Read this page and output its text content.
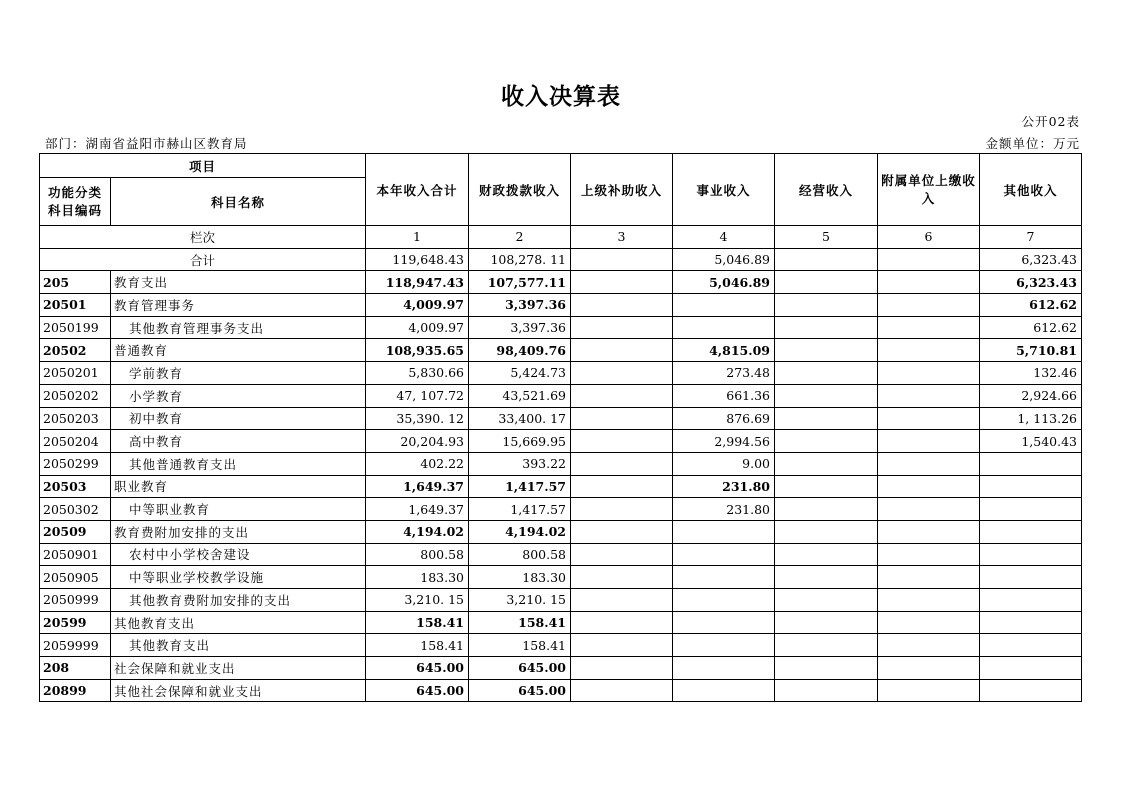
收入决算表
公开02表
部门：湖南省益阳市赫山区教育局	金额单位：万元
项目		本年收入合计	财政拨款收入	上级补助收入	事业收入	经营收入	附属单位上缴收入	其他收入
功能分类科目编码	科目名称							
栏次		1	2	3	4	5	6	7
合计		119,648.43	108,278. 11		5,046.89			6,323.43
205	教育支出	118,947.43	107,577.11		5,046.89			6,323.43
20501	教育管理事务	4,009.97	3,397.36					612.62
2050199	其他教育管理事务支出	4,009.97	3,397.36					612.62
20502	普通教育	108,935.65	98,409.76		4,815.09			5,710.81
2050201	学前教育	5,830.66	5,424.73		273.48			132.46
2050202	小学教育	47, 107.72	43,521.69		661.36			2,924.66
2050203	初中教育	35,390. 12	33,400. 17		876.69			1, 113.26
2050204	高中教育	20,204.93	15,669.95		2,994.56			1,540.43
2050299	其他普通教育支出	402.22	393.22		9.00			
20503	职业教育	1,649.37	1,417.57		231.80			
2050302	中等职业教育	1,649.37	1,417.57		231.80			
20509	教育费附加安排的支出	4,194.02	4,194.02					
2050901	农村中小学校舍建设	800.58	800.58					
2050905	中等职业学校教学设施	183.30	183.30					
2050999	其他教育费附加安排的支出	3,210. 15	3,210. 15					
20599	其他教育支出	158.41	158.41					
2059999	其他教育支出	158.41	158.41					
208	社会保障和就业支出	645.00	645.00					
20899	其他社会保障和就业支出	645.00	645.00					
